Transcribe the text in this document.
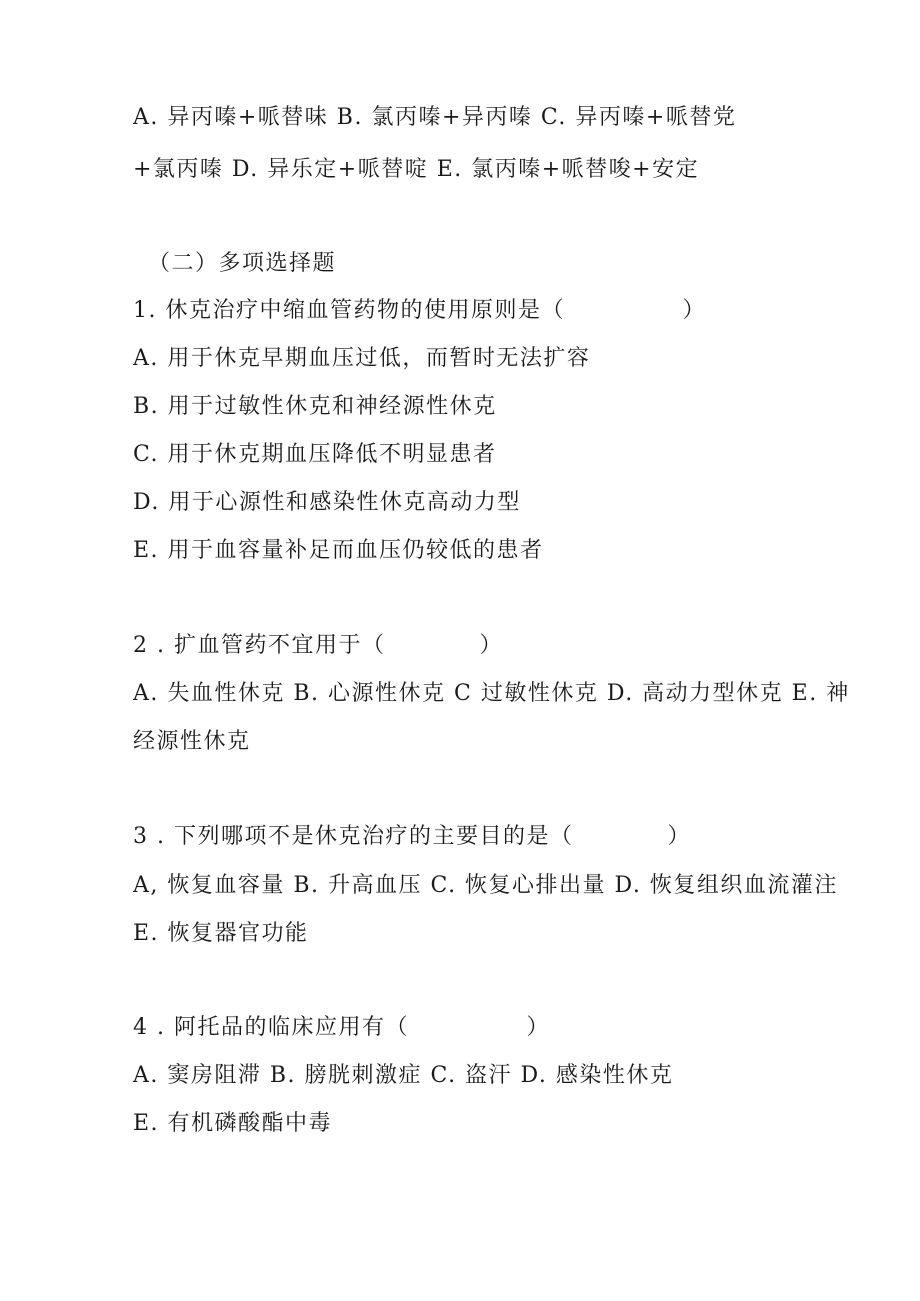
A. 异丙嗪+哌替味 B. 氯丙嗪+异丙嗪 C. 异丙嗪+哌替党
+氯丙嗪 D. 异乐定+哌替啶 E. 氯丙嗪+哌替唆+安定
（二）多项选择题
1. 休克治疗中缩血管药物的使用原则是（　　　　　）
A. 用于休克早期血压过低，而暂时无法扩容
B. 用于过敏性休克和神经源性休克
C. 用于休克期血压降低不明显患者
D. 用于心源性和感染性休克高动力型
E. 用于血容量补足而血压仍较低的患者
2 . 扩血管药不宜用于（　　　　）
A. 失血性休克 B. 心源性休克 C 过敏性休克 D. 高动力型休克 E. 神
经源性休克
3 . 下列哪项不是休克治疗的主要目的是（　　　　）
A, 恢复血容量 B. 升高血压 C. 恢复心排出量 D. 恢复组织血流灌注
E. 恢复器官功能
4 . 阿托品的临床应用有（　　　　　）
A. 窦房阻滞 B. 膀胱刺激症 C. 盗汗 D. 感染性休克
E. 有机磷酸酯中毒
